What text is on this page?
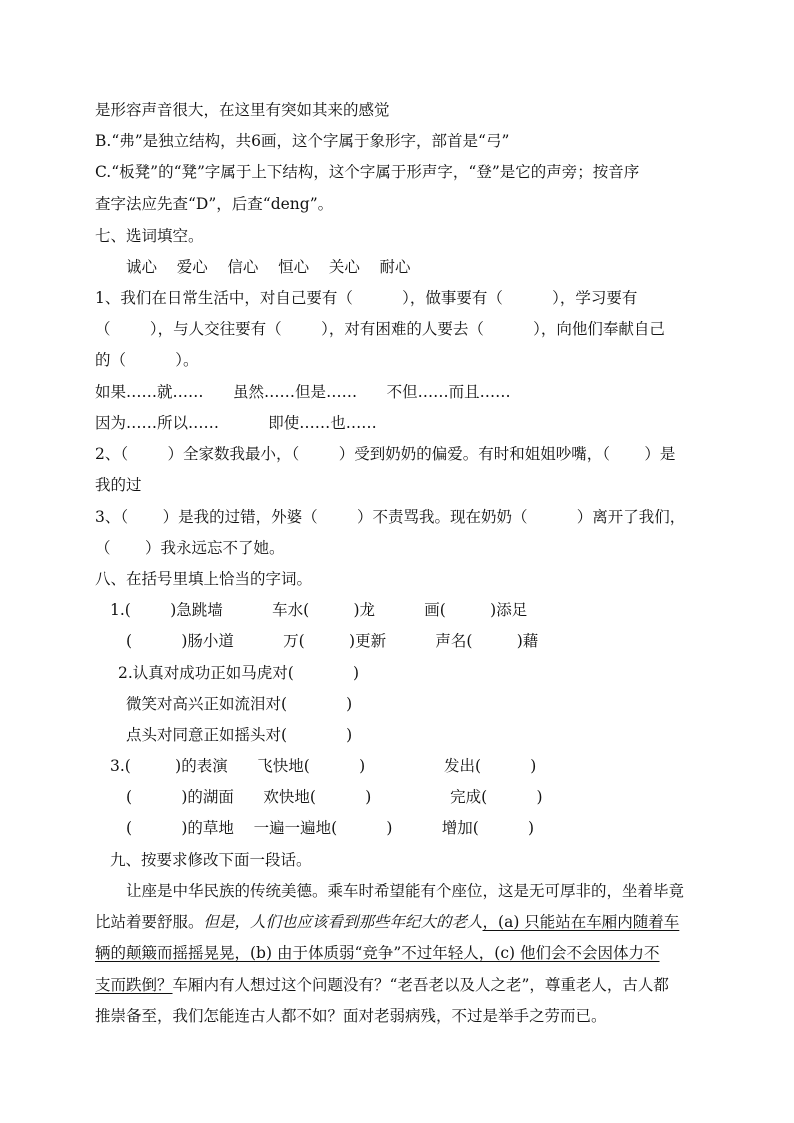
是形容声音很大，在这里有突如其来的感觉
B.“弗”是独立结构，共6画，这个字属于象形字，部首是“弓”
C.“板凳”的“凳”字属于上下结构，这个字属于形声字，“登”是它的声旁；按音序
查字法应先查“D”，后查“deng”。
七、选词填空。
诚心    爱心    信心    恒心    关心    耐心
1、我们在日常生活中，对自己要有（          ），做事要有（          ），学习要有
（        ），与人交往要有（        ），对有困难的人要去（          ），向他们奉献自己
的（          ）。
如果……就……      虽然……但是……      不但……而且……
因为……所以……          即使……也……
2、（        ）全家数我最小，（        ）受到奶奶的偏爱。有时和姐姐吵嘴，（       ）是
我的过
3、（       ）是我的过错，外婆（        ）不责骂我。现在奶奶（          ）离开了我们，
（       ）我永远忘不了她。
八、在括号里填上恰当的字词。
1.(        )急跳墙          车水(         )龙          画(         )添足
(          )肠小道          万(         )更新          声名(         )藉
2.认真对成功正如马虎对(            )
微笑对高兴正如流泪对(            )
点头对同意正如摇头对(            )
3.(         )的表演      飞快地(          )                发出(          )
(          )的湖面      欢快地(          )                完成(          )
(          )的草地    一遍一遍地(          )          增加(          )
九、按要求修改下面一段话。
让座是中华民族的传统美德。乘车时希望能有个座位，这是无可厚非的，坐着毕竟
比站着要舒服。但是，人们也应该看到那些年纪大的老人，(a) 只能站在车厢内随着车
辆的颠簸而摇摇晃晃，(b) 由于体质弱“竞争”不过年轻人，(c) 他们会不会因体力不
支而跌倒？车厢内有人想过这个问题没有？“老吾老以及人之老”，尊重老人，古人都
推崇备至，我们怎能连古人都不如？面对老弱病残，不过是举手之劳而已。
